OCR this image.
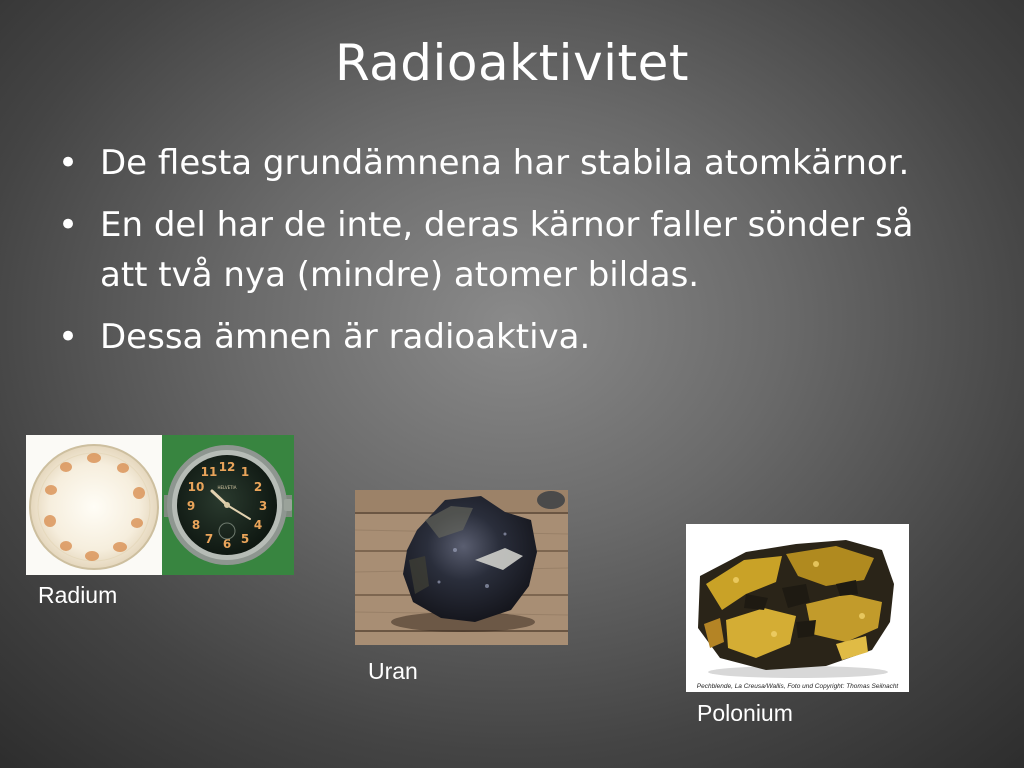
Radioaktivitet
• De flesta grundämnena har stabila atomkärnor.
• En del har de inte, deras kärnor faller sönder så att två nya (mindre) atomer bildas.
• Dessa ämnen är radioaktiva.
12 1
2
3
4
5
6
7
8
9
10
11
HELVETIA
Radium
Uran
Pechblende, La Creusa/Wallis, Foto und Copyright: Thomas Seilnacht
Polonium
